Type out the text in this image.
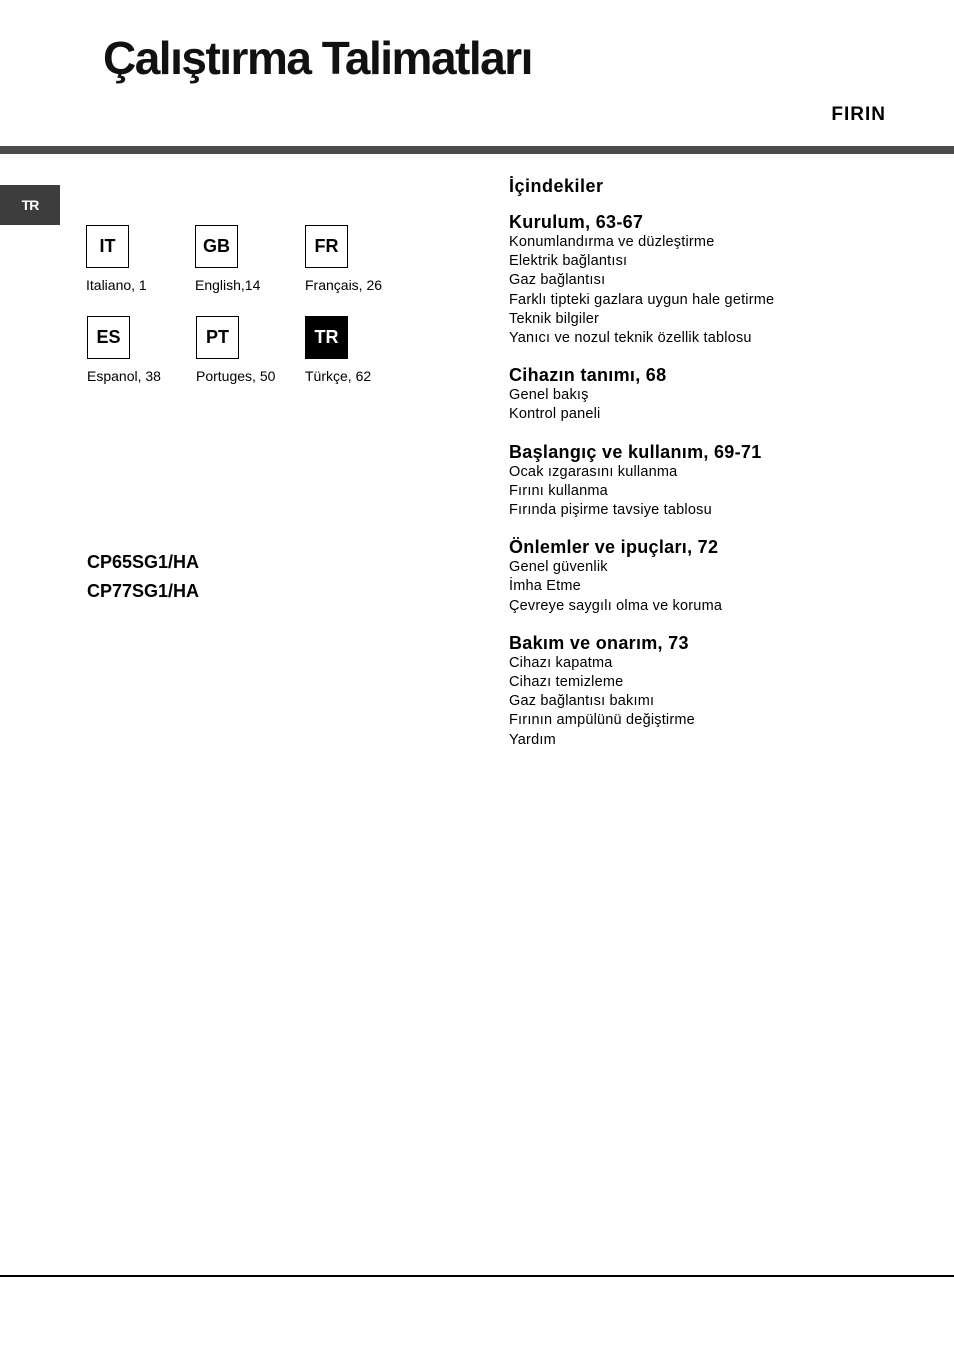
Çalıştırma Talimatları
FIRIN
TR
IT
Italiano, 1
GB
English,14
FR
Français, 26
ES
Espanol, 38
PT
Portuges, 50
TR
Türkçe, 62
CP65SG1/HA
CP77SG1/HA
İçindekiler
Kurulum, 63-67
Konumlandırma ve düzleştirme
Elektrik bağlantısı
Gaz bağlantısı
Farklı tipteki gazlara uygun hale getirme
Teknik bilgiler
Yanıcı ve nozul teknik özellik tablosu
Cihazın tanımı, 68
Genel bakış
Kontrol paneli
Başlangıç ve kullanım, 69-71
Ocak ızgarasını kullanma
Fırını kullanma
Fırında pişirme tavsiye tablosu
Önlemler ve ipuçları, 72
Genel güvenlik
İmha Etme
Çevreye saygılı olma ve koruma
Bakım ve onarım, 73
Cihazı kapatma
Cihazı temizleme
Gaz bağlantısı bakımı
Fırının ampülünü değiştirme
Yardım
